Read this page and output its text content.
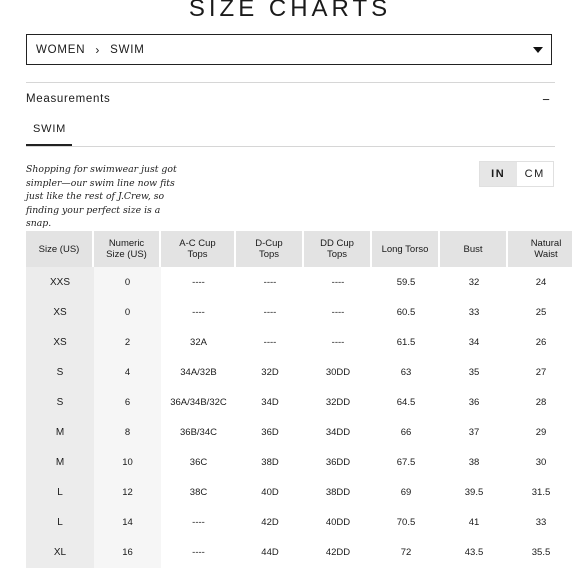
SIZE CHARTS
WOMEN › SWIM
Measurements	−
SWIM
Shopping for swimwear just got simpler—our swim line now fits just like the rest of J.Crew, so finding your perfect size is a snap.
IN	CM
Size (US)	Numeric Size (US)	A-C Cup Tops	D-Cup Tops	DD Cup Tops	Long Torso	Bust	Natural Waist

XXS	0	----	----	----	59.5	32	24
XS	0	----	----	----	60.5	33	25
XS	2	32A	----	----	61.5	34	26
S	4	34A/32B	32D	30DD	63	35	27
S	6	36A/34B/32C	34D	32DD	64.5	36	28
M	8	36B/34C	36D	34DD	66	37	29
M	10	36C	38D	36DD	67.5	38	30
L	12	38C	40D	38DD	69	39.5	31.5
L	14	----	42D	40DD	70.5	41	33
XL	16	----	44D	42DD	72	43.5	35.5
